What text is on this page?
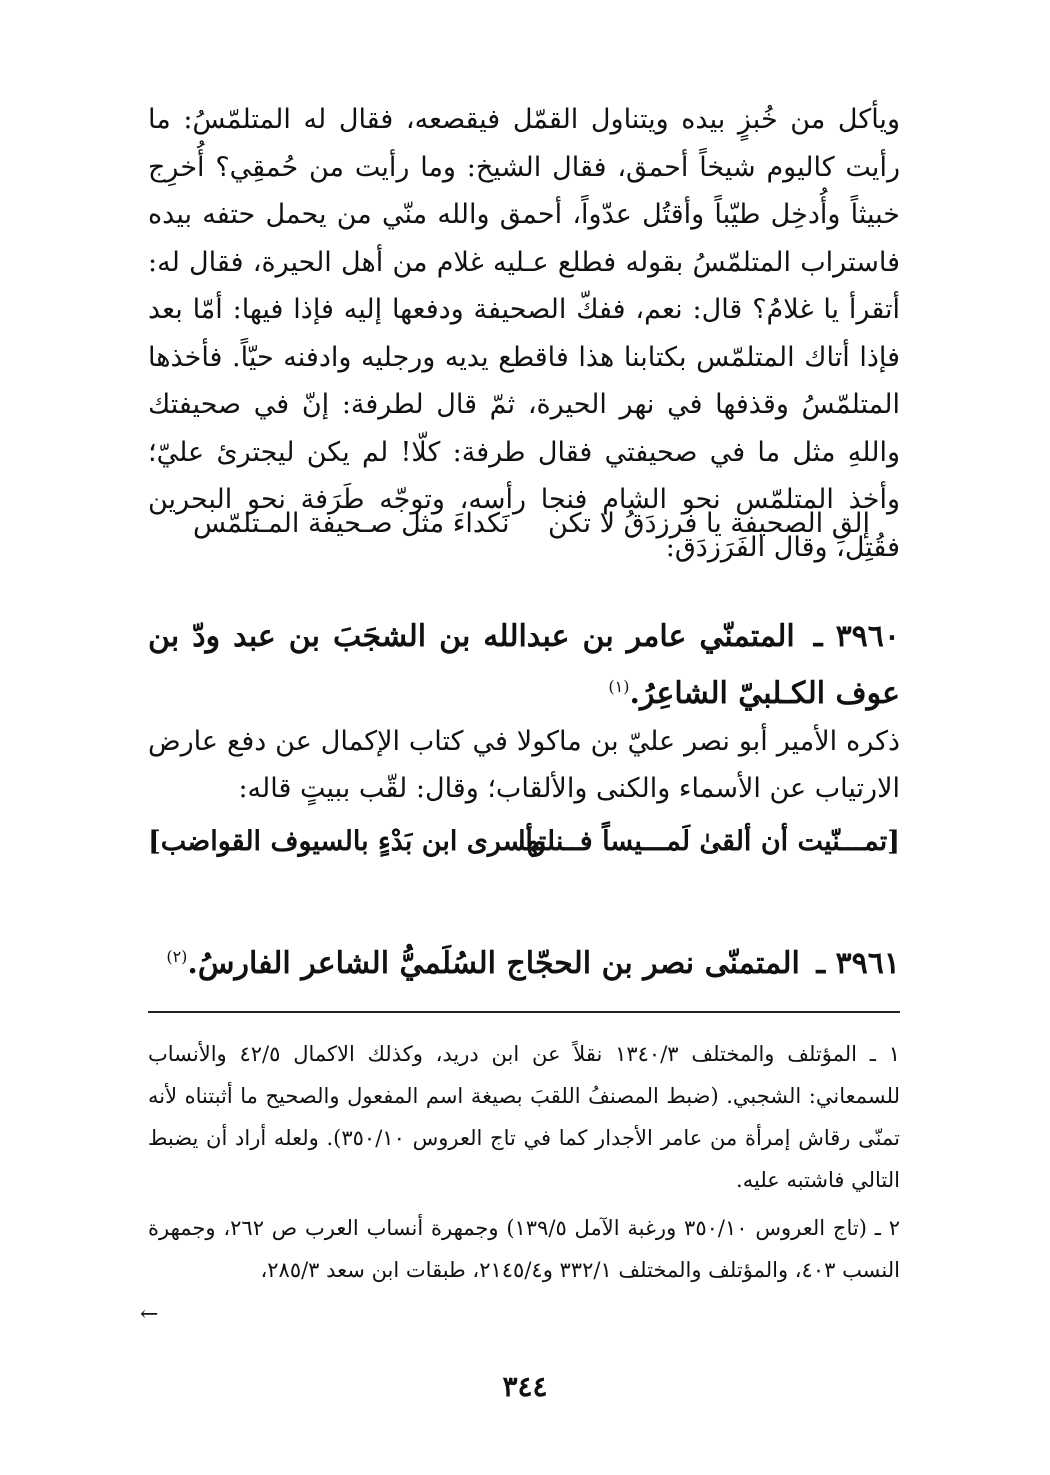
ويأكل من خُبزٍ بيده ويتناول القمّل فيقصعه، فقال له المتلمّسُ: ما رأيت كاليوم شيخاً أحمق، فقال الشيخ: وما رأيت من حُمقِي؟ أُخرِج خبيثاً وأُدخِل طيّباً وأقتُل عدّواً، أحمق والله منّي من يحمل حتفه بيده فاستراب المتلمّسُ بقوله فطلع عـليه غلام من أهل الحيرة، فقال له: أتقرأ يا غلامُ؟ قال: نعم، ففكّ الصحيفة ودفعها إليه فإذا فيها: أمّا بعد فإذا أتاك المتلمّس بكتابنا هذا فاقطع يديه ورجليه وادفنه حيّاً. فأخذها المتلمّسُ وقذفها في نهر الحيرة، ثمّ قال لطرفة: إنّ في صحيفتك واللهِ مثل ما في صحيفتي فقال طرفة: كلّا! لم يكن ليجترئ عليّ؛ وأخذ المتلمّس نحو الشام فنجا رأسه، وتوجّه طَرَفة نحو البحرين فقُتِل، وقال الفَرَزدَق:

إلقِ الصحيفة يا فرزدَقُ لا تكن
نَكداءَ مثل صـحيفة المـتلمّس
٣٩٦٠ ـ المتمنّي عامر بن عبدالله بن الشجَبَ بن عبد ودّ بن عوف الكـلبيّ الشاعِرُ.$^{(١)}$
ذكره الأمير أبو نصر عليّ بن ماكولا في كتاب الإكمال عن دفع عارض الارتياب عن الأسماء والكنى والألقاب؛ وقال: لقّب ببيتٍ قاله:
[تمـــنّيت أن ألقىٰ لَمـــيساً فــنلتها
وأسرى ابن بَدْءٍ بالسيوف القواضب]
٣٩٦١ ـ المتمنّى نصر بن الحجّاج السُلَميُّ الشاعر الفارسُ.$^{(٢)}$

١ ـ المؤتلف والمختلف ١٣٤٠/٣ نقلاً عن ابن دريد، وكذلك الاكمال ٤٢/٥ والأنساب للسمعاني: الشجبي. (ضبط المصنفُ اللقبَ بصيغة اسم المفعول والصحيح ما أثبتناه لأنه تمنّى رقاش إمرأة من عامر الأجدار كما في تاج العروس ٣٥٠/١٠). ولعله أراد أن يضبط التالي فاشتبه عليه.

٢ ـ (تاج العروس ٣٥٠/١٠ ورغبة الآمل ١٣٩/٥) وجمهرة أنساب العرب ص ٢٦٢، وجمهرة النسب ٤٠٣، والمؤتلف والمختلف ٣٣٢/١ و٢١٤٥/٤، طبقات ابن سعد ٢٨٥/٣،

←
٣٤٤
